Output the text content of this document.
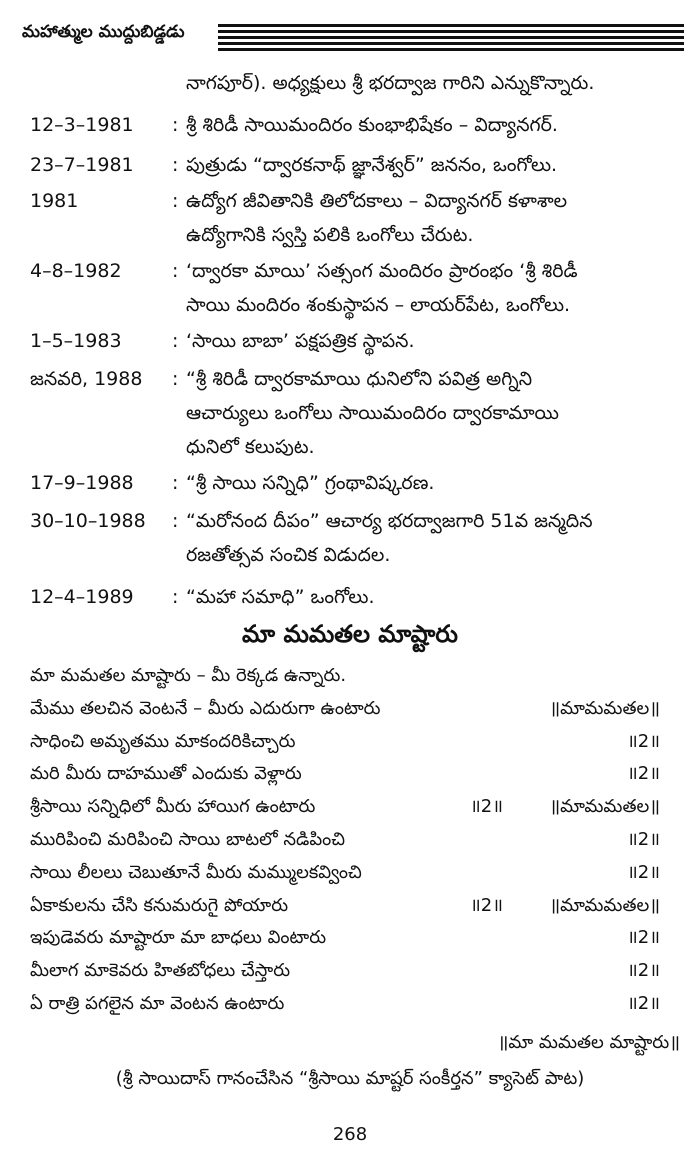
మహాత్ముల ముద్దుబిడ్డడు
నాగపూర్). అధ్యక్షులు శ్రీ భరద్వాజ గారిని ఎన్నుకొన్నారు.
12–3–1981 : శ్రీ శిరిడీ సాయిమందిరం కుంభాభిషేకం – విద్యానగర్.
23–7–1981 : పుత్రుడు “ద్వారకనాథ్ జ్ఞానేశ్వర్” జననం, ఒంగోలు.
1981	: ఉద్యోగ జీవితానికి తిలోదకాలు – విద్యానగర్ కళాశాల
ఉద్యోగానికి స్వస్తి పలికి ఒంగోలు చేరుట.
4–8–1982	: ‘ద్వారకా మాయి’ సత్సంగ మందిరం ప్రారంభం ‘శ్రీ శిరిడీ
సాయి మందిరం శంకుస్థాపన – లాయర్‌పేట, ఒంగోలు.
1–5–1983	: ‘సాయి బాబా’ పక్షపత్రిక స్థాపన.
జనవరి, 1988 : “శ్రీ శిరిడీ ద్వారకామాయి ధునిలోని పవిత్ర అగ్నిని
ఆచార్యులు ఒంగోలు సాయిమందిరం ద్వారకామాయి
ధునిలో కలుపుట.
17–9–1988 : “శ్రీ సాయి సన్నిధి” గ్రంథావిష్కరణ.
30–10–1988 : “మరోనంద దీపం” ఆచార్య భరద్వాజగారి 51వ జన్మదిన
రజతోత్సవ సంచిక విడుదల.
12–4–1989 : “మహా సమాధి” ఒంగోలు.
మా మమతల మాష్టారు
మా మమతల మాష్టారు – మీ రెక్కడ ఉన్నారు.
మేము తలచిన వెంటనే – మీరు ఎదురుగా ఉంటారు	॥మామమతల॥
సాధించి అమృతము మాకందరికిచ్చారు	॥2॥
మరి మీరు దాహముతో ఎందుకు వెళ్లారు	॥2॥
శ్రీసాయి సన్నిధిలో మీరు హాయిగ ఉంటారు	॥2॥	॥మామమతల॥
మురిపించి మరిపించి సాయి బాటలో నడిపించి	॥2॥
సాయి లీలలు చెబుతూనే మీరు మమ్ములకవ్వించి	॥2॥
ఏకాకులను చేసి కనుమరుగై పోయారు	॥2॥	॥మామమతల॥
ఇపుడెవరు మాష్టారూ మా బాధలు వింటారు	॥2॥
మీలాగ మాకెవరు హితబోధలు చేస్తారు	॥2॥
ఏ రాత్రి పగలైన మా వెంటన ఉంటారు	॥2॥
॥మా మమతల మాష్టారు॥
(శ్రీ సాయిదాస్ గానంచేసిన “శ్రీసాయి మాష్టర్ సంకీర్తన” క్యాసెట్ పాట)
268
